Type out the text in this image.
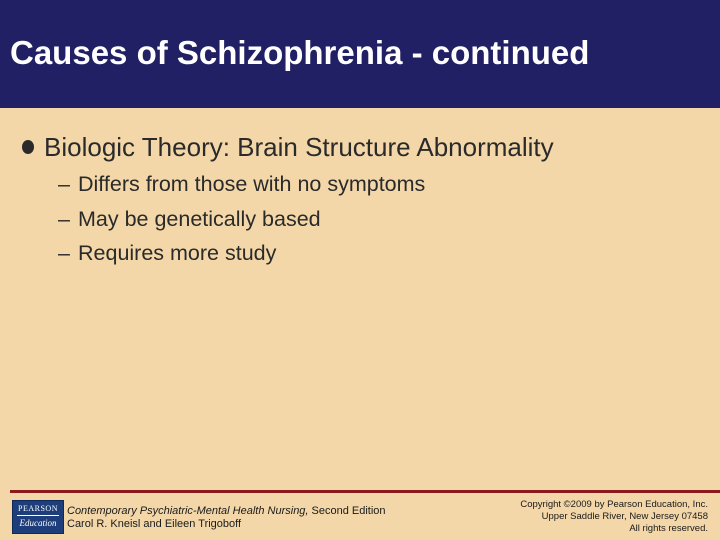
Causes of Schizophrenia - continued
Biologic Theory: Brain Structure Abnormality
– Differs from those with no symptoms
– May be genetically based
– Requires more study
PEARSON
Education
Contemporary Psychiatric-Mental Health Nursing, Second Edition
Carol R. Kneisl and Eileen Trigoboff
Copyright ©2009 by Pearson Education, Inc.
Upper Saddle River, New Jersey 07458
All rights reserved.
